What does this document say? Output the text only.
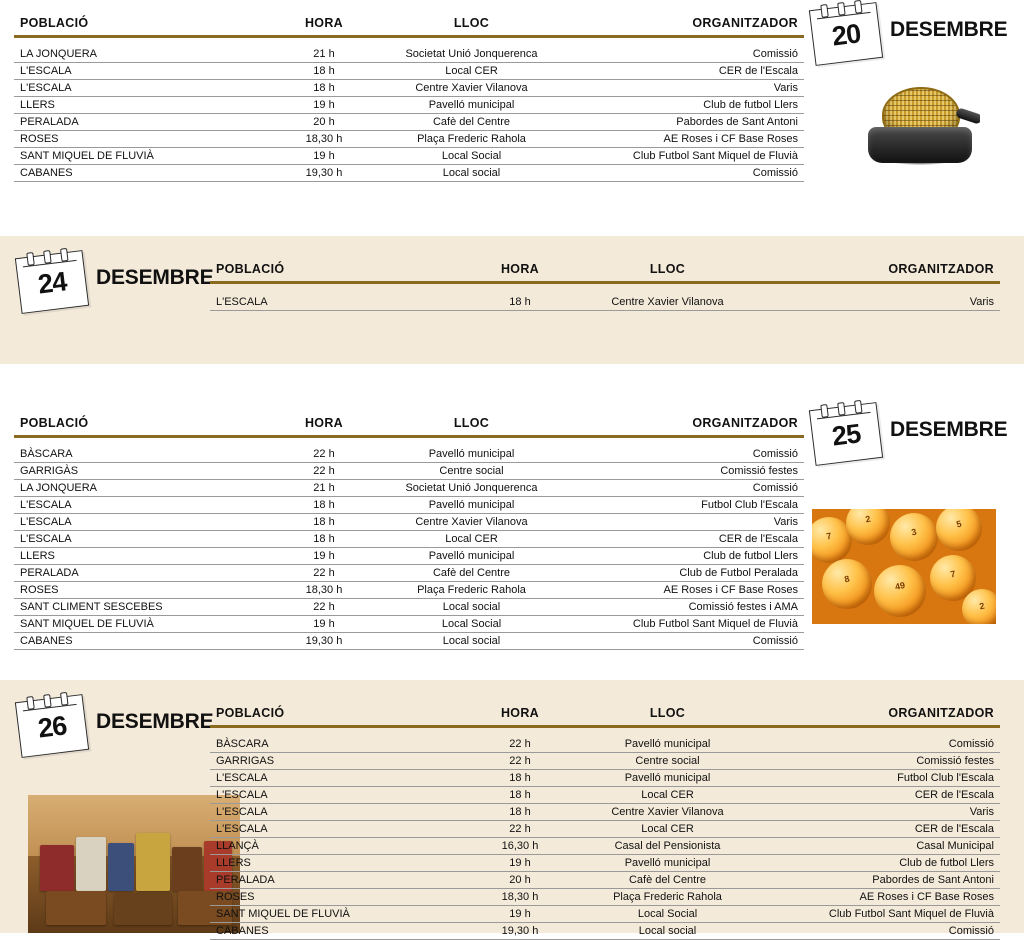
POBLACIÓ	HORA	LLOC	ORGANITZADOR
LA JONQUERA	21 h	Societat Unió Jonquerenca	Comissió
L'ESCALA	18 h	Local CER	CER de l'Escala
L'ESCALA	18 h	Centre Xavier Vilanova	Varis
LLERS	19 h	Pavelló municipal	Club de futbol Llers
PERALADA	20 h	Cafè del Centre	Pabordes de Sant Antoni
ROSES	18,30 h	Plaça Frederic Rahola	AE Roses i CF Base Roses
SANT MIQUEL DE FLUVIÀ	19 h	Local Social	Club Futbol Sant Miquel de Fluvià
CABANES	19,30 h	Local social	Comissió
20	DESEMBRE
24	DESEMBRE POBLACIÓ	HORA	LLOC	ORGANITZADOR
L'ESCALA	18 h	Centre Xavier Vilanova	Varis
POBLACIÓ	HORA	LLOC	ORGANITZADOR
BÀSCARA	22 h	Pavelló municipal	Comissió
GARRIGÀS	22 h	Centre social	Comissió festes
LA JONQUERA	21 h	Societat Unió Jonquerenca	Comissió
L'ESCALA	18 h	Pavelló municipal	Futbol Club l'Escala
L'ESCALA	18 h	Centre Xavier Vilanova	Varis
L'ESCALA	18 h	Local CER	CER de l'Escala
LLERS	19 h	Pavelló municipal	Club de futbol Llers
PERALADA	22 h	Cafè del Centre	Club de Futbol Peralada
ROSES	18,30 h	Plaça Frederic Rahola	AE Roses i CF Base Roses
SANT CLIMENT SESCEBES	22 h	Local social	Comissió festes i AMA
SANT MIQUEL DE FLUVIÀ	19 h	Local Social	Club Futbol Sant Miquel de Fluvià
CABANES	19,30 h	Local social	Comissió
25	DESEMBRE
7
2
3
5
8
49
7
2
26	DESEMBRE POBLACIÓ	HORA	LLOC	ORGANITZADOR
BÀSCARA	22 h	Pavelló municipal	Comissió
GARRIGAS	22 h	Centre social	Comissió festes
L'ESCALA	18 h	Pavelló municipal	Futbol Club l'Escala
L'ESCALA	18 h	Local CER	CER de l'Escala
L'ESCALA	18 h	Centre Xavier Vilanova	Varis
L'ESCALA	22 h	Local CER	CER de l'Escala
LLANÇÀ	16,30 h	Casal del Pensionista	Casal Municipal
LLERS	19 h	Pavelló municipal	Club de futbol Llers
PERALADA	20 h	Cafè del Centre	Pabordes de Sant Antoni
ROSES	18,30 h	Plaça Frederic Rahola	AE Roses i CF Base Roses
SANT MIQUEL DE FLUVIÀ	19 h	Local Social	Club Futbol Sant Miquel de Fluvià
CABANES	19,30 h	Local social	Comissió
